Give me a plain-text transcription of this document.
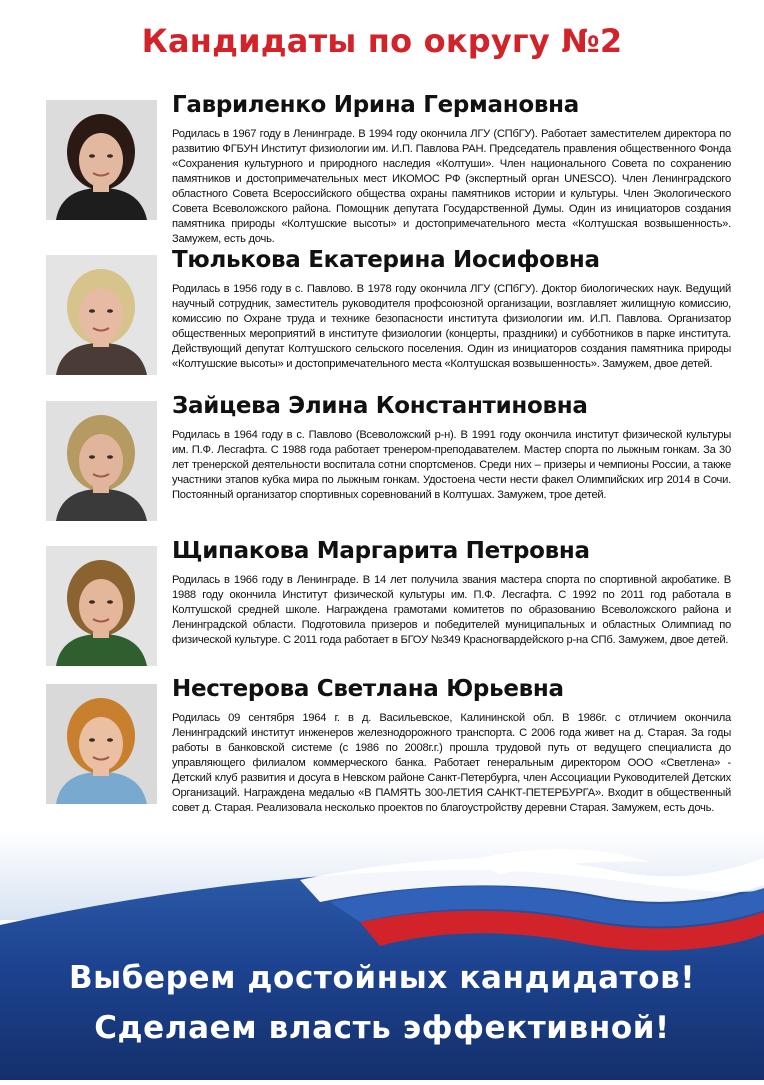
Кандидаты по округу №2
Гавриленко Ирина Германовна
Родилась в 1967 году в Ленинграде. В 1994 году окончила ЛГУ (СПбГУ). Работает заместителем директора по развитию ФГБУН Институт физиологии им. И.П. Павлова РАН. Председатель правления общественного Фонда «Сохранения культурного и природного наследия «Колтуши». Член национального Совета по сохранению памятников и достопримечательных мест ИКОМОС РФ (экспертный орган UNESCO). Член Ленинградского областного Совета Всероссийского общества охраны памятников истории и культуры. Член Экологического Совета Всеволожского района. Помощник депутата Государственной Думы. Один из инициаторов создания памятника природы «Колтушские высоты» и достопримечательного места «Колтушская возвышенность». Замужем, есть дочь.
Тюлькова Екатерина Иосифовна
Родилась в 1956 году в с. Павлово. В 1978 году окончила ЛГУ (СПбГУ). Доктор биологических наук. Ведущий научный сотрудник, заместитель руководителя профсоюзной организации, возглавляет жилищную комиссию, комиссию по Охране труда и технике безопасности института физиологии им. И.П. Павлова. Организатор общественных мероприятий в институте физиологии (концерты, праздники) и субботников в парке института. Действующий депутат Колтушского сельского поселения. Один из инициаторов создания памятника природы «Колтушские высоты» и достопримечательного места «Колтушская возвышенность». Замужем, двое детей.
Зайцева Элина Константиновна
Родилась в 1964 году в с. Павлово (Всеволожский р-н). В 1991 году окончила институт физической культуры им. П.Ф. Лесгафта. С 1988 года работает тренером-преподавателем. Мастер спорта по лыжным гонкам. За 30 лет тренерской деятельности воспитала сотни спортсменов. Среди них – призеры и чемпионы России, а также участники этапов кубка мира по лыжным гонкам. Удостоена чести нести факел Олимпийских игр 2014 в Сочи. Постоянный организатор спортивных соревнований в Колтушах. Замужем, трое детей.
Щипакова Маргарита Петровна
Родилась в 1966 году в Ленинграде. В 14 лет получила звания мастера спорта по спортивной акробатике. В 1988 году окончила Институт физической культуры им. П.Ф. Лесгафта. С 1992 по 2011 год работала в Колтушской средней школе. Награждена грамотами комитетов по образованию Всеволожского района и Ленинградской области. Подготовила призеров и победителей муниципальных и областных Олимпиад по физической культуре. С 2011 года работает в БГОУ №349 Красногвардейского р-на СПб. Замужем, двое детей.
Нестерова Светлана Юрьевна
Родилась 09 сентября 1964 г. в д. Васильевское, Калининской обл. В 1986г. с отличием окончила Ленинградский институт инженеров железнодорожного транспорта. С 2006 года живет на д. Старая. За годы работы в банковской системе (с 1986 по 2008г.г.) прошла трудовой путь от ведущего специалиста до управляющего филиалом коммерческого банка. Работает генеральным директором ООО «Светлена» - Детский клуб развития и досуга в Невском районе Санкт-Петербурга, член Ассоциации Руководителей Детских Организаций. Награждена медалью «В ПАМЯТЬ 300-ЛЕТИЯ САНКТ-ПЕТЕРБУРГА». Входит в общественный совет д. Старая. Реализовала несколько проектов по благоустройству деревни Старая. Замужем, есть дочь.
Выберем достойных кандидатов!
Сделаем власть эффективной!
